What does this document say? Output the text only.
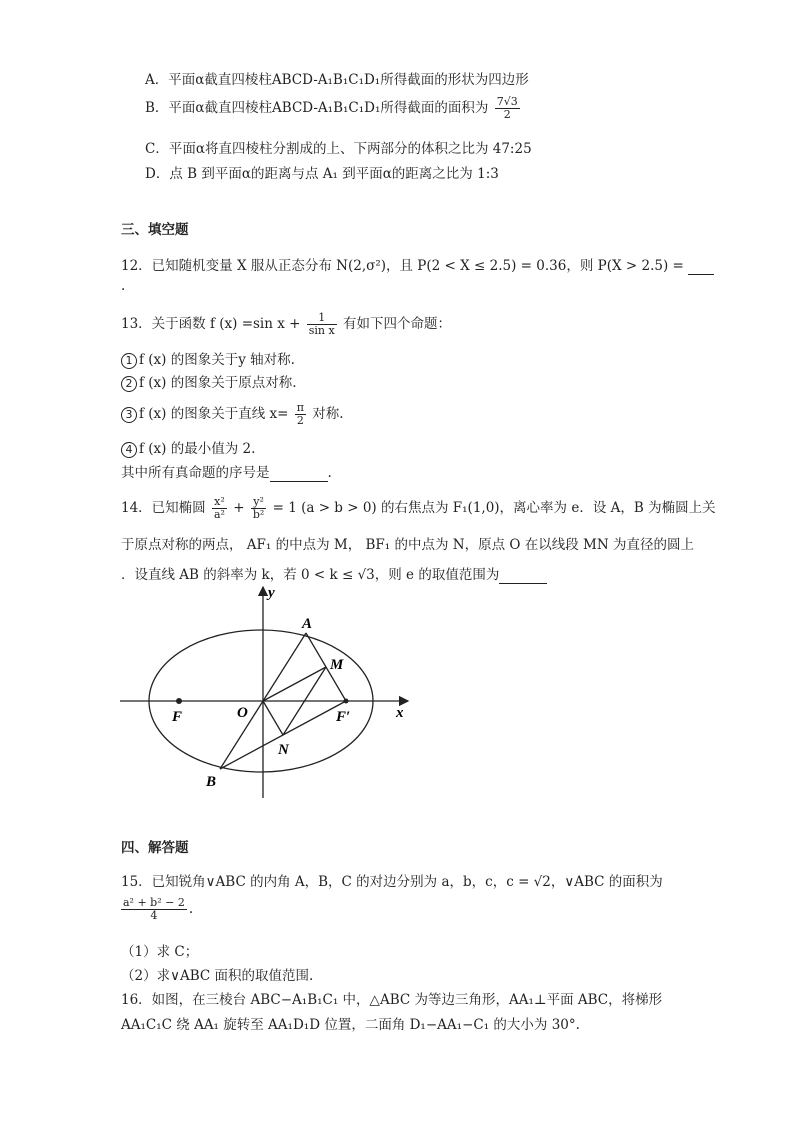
A．平面α截直四棱柱ABCD-A₁B₁C₁D₁所得截面的形状为四边形
B．平面α截直四棱柱ABCD-A₁B₁C₁D₁所得截面的面积为 $\frac{7√3}{2}$
C．平面α将直四棱柱分割成的上、下两部分的体积之比为 47:25
D．点 B 到平面α的距离与点 A₁ 到平面α的距离之比为 1:3
三、填空题
12．已知随机变量 X 服从正态分布 N(2,σ²)，且 P(2 < X ≤ 2.5) = 0.36，则 P(X > 2.5) =
.
13．关于函数 f (x) =sin $x + \frac{1}{\text{sin x}}$ 有如下四个命题：
1 f (x) 的图象关于y 轴对称.
2 f (x) 的图象关于原点对称.
3 f (x) 的图象关于直线 $x= \frac{\pi}{2}$ 对称.
4 f (x) 的最小值为 2.
其中所有真命题的序号是	.
14．已知椭圆 $\frac{\text{x²}}{\text{a²}} + \frac{\text{y²}}{\text{b²}} = 1$ (a > b > 0) 的右焦点为 F₁(1,0)，离心率为 e．设 A，B 为椭圆上关
于原点对称的两点， AF₁ 的中点为 M， BF₁ 的中点为 N，原点 O 在以线段 MN 为直径的圆上
．设直线 AB 的斜率为 k，若 0 < k ≤ √3，则 e 的取值范围为
y
x
A
M
F	O	F′
N
B
四、解答题
15．已知锐角∨ABC 的内角 A，B，C 的对边分别为 a，b，c，c = √2，∨ABC 的面积为
$\frac{\text{a² + b² − 2}}{4}$ .
（1）求 C；
（2）求∨ABC 面积的取值范围.
16．如图，在三棱台 ABC−A₁B₁C₁ 中，△ABC 为等边三角形，AA₁⊥平面 ABC，将梯形
AA₁C₁C 绕 AA₁ 旋转至 AA₁D₁D 位置，二面角 D₁−AA₁−C₁ 的大小为 30°.
